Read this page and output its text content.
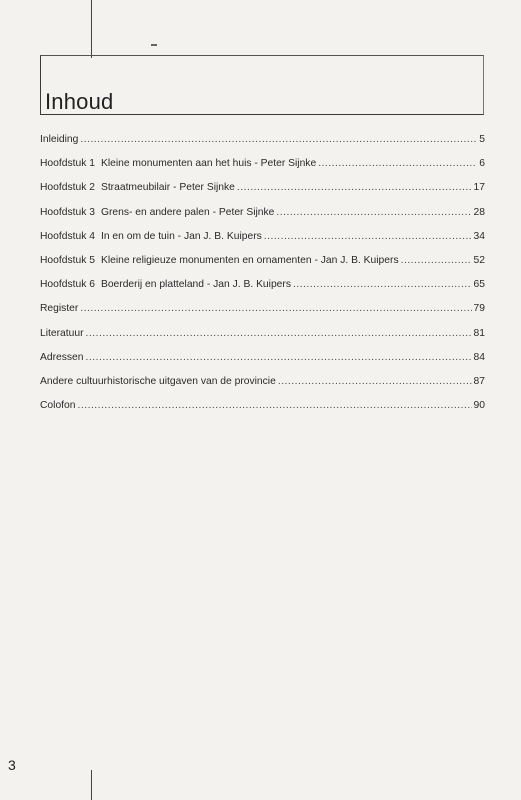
Inhoud
Inleiding .....	5
Hoofdstuk 1 Kleine monumenten aan het huis - Peter Sijnke .....	6
Hoofdstuk 2 Straatmeubilair - Peter Sijnke .....	17
Hoofdstuk 3 Grens- en andere palen - Peter Sijnke .....	28
Hoofdstuk 4 In en om de tuin - Jan J. B. Kuipers .....	34
Hoofdstuk 5 Kleine religieuze monumenten en ornamenten - Jan J. B. Kuipers .....	52
Hoofdstuk 6 Boerderij en platteland - Jan J. B. Kuipers .....	65
Register .....	79
Literatuur .....	81
Adressen .....	84
Andere cultuurhistorische uitgaven van de provincie .....	87
Colofon .....	90
3
